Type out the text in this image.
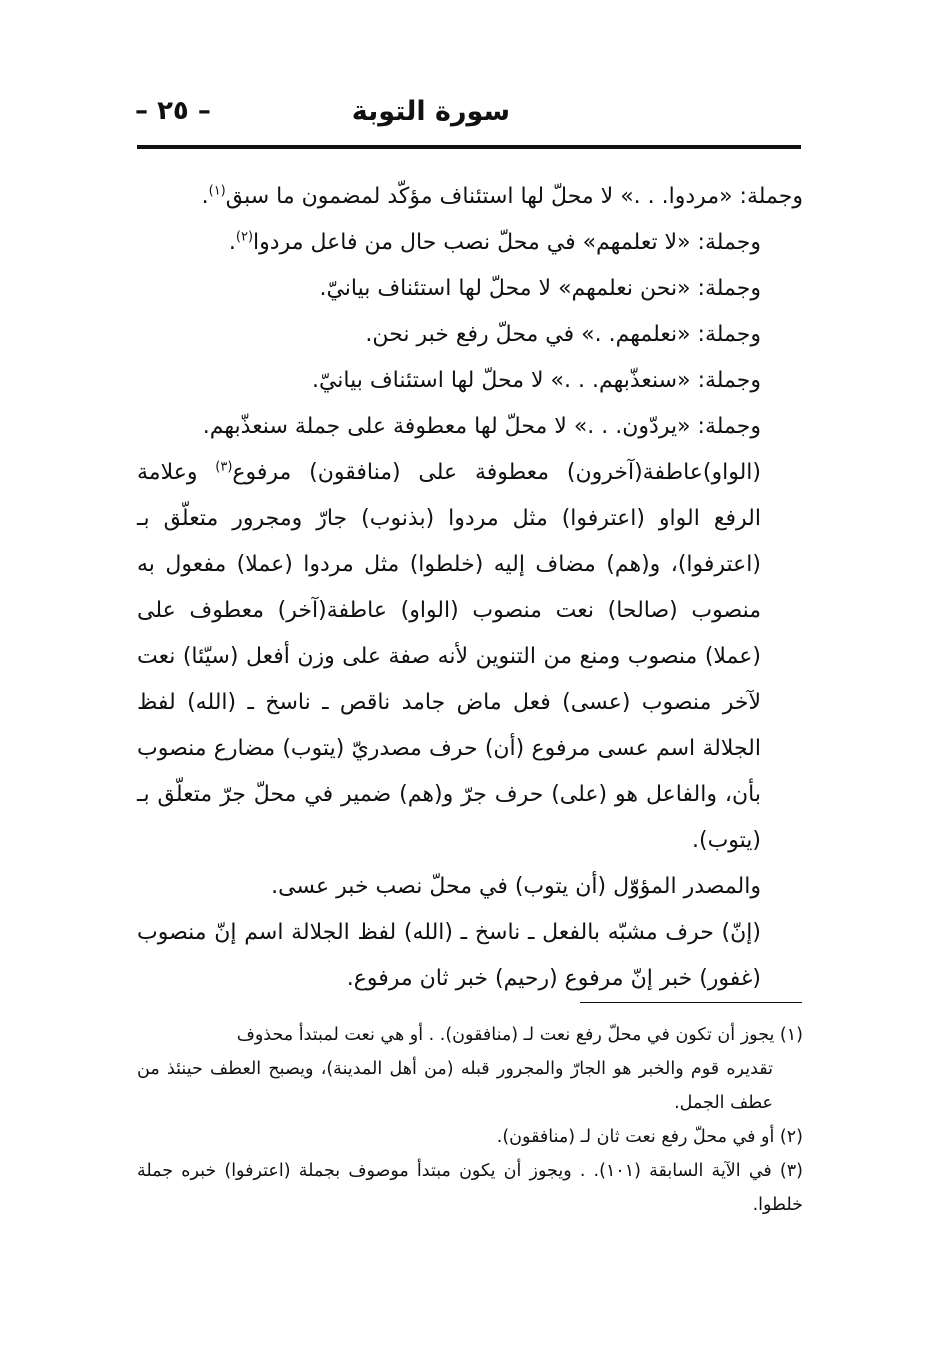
سورة التوبة
– ٢٥ –

وجملة: «مردوا. . .» لا محلّ لها استئناف مؤكّد لمضمون ما سبق$^{(١)}$.

وجملة: «لا تعلمهم» في محلّ نصب حال من فاعل مردوا$^{(٢)}$.

وجملة: «نحن نعلمهم» لا محلّ لها استئناف بيانيّ.

وجملة: «نعلمهم. .» في محلّ رفع خبر نحن.

وجملة: «سنعذّبهم. . .» لا محلّ لها استئناف بيانيّ.

وجملة: «يردّون. . .» لا محلّ لها معطوفة على جملة سنعذّبهم.

(الواو)عاطفة(آخرون) معطوفة على (منافقون) مرفوع$^{(٣)}$ وعلامة الرفع الواو (اعترفوا) مثل مردوا (بذنوب) جارّ ومجرور متعلّق بـ (اعترفوا)، و(هم) مضاف إليه (خلطوا) مثل مردوا (عملا) مفعول به منصوب (صالحا) نعت منصوب (الواو) عاطفة(آخر) معطوف على (عملا) منصوب ومنع من التنوين لأنه صفة على وزن أفعل (سيّئا) نعت لآخر منصوب (عسى) فعل ماض جامد ناقص ـ ناسخ ـ (الله) لفظ الجلالة اسم عسى مرفوع (أن) حرف مصدريّ (يتوب) مضارع منصوب بأن، والفاعل هو (على) حرف جرّ و(هم) ضمير في محلّ جرّ متعلّق بـ (يتوب).

والمصدر المؤوّل (أن يتوب) في محلّ نصب خبر عسى.

(إنّ) حرف مشبّه بالفعل ـ ناسخ ـ (الله) لفظ الجلالة اسم إنّ منصوب (غفور) خبر إنّ مرفوع (رحيم) خبر ثان مرفوع.

(١) يجوز أن تكون في محلّ رفع نعت لـ (منافقون). . أو هي نعت لمبتدأ محذوف

تقديره قوم والخبر هو الجارّ والمجرور قبله (من أهل المدينة)، ويصبح العطف حينئذ من عطف الجمل.

(٢) أو في محلّ رفع نعت ثان لـ (منافقون).

(٣) في الآية السابقة (١٠١). . ويجوز أن يكون مبتدأ موصوف بجملة (اعترفوا) خبره جملة خلطوا.
